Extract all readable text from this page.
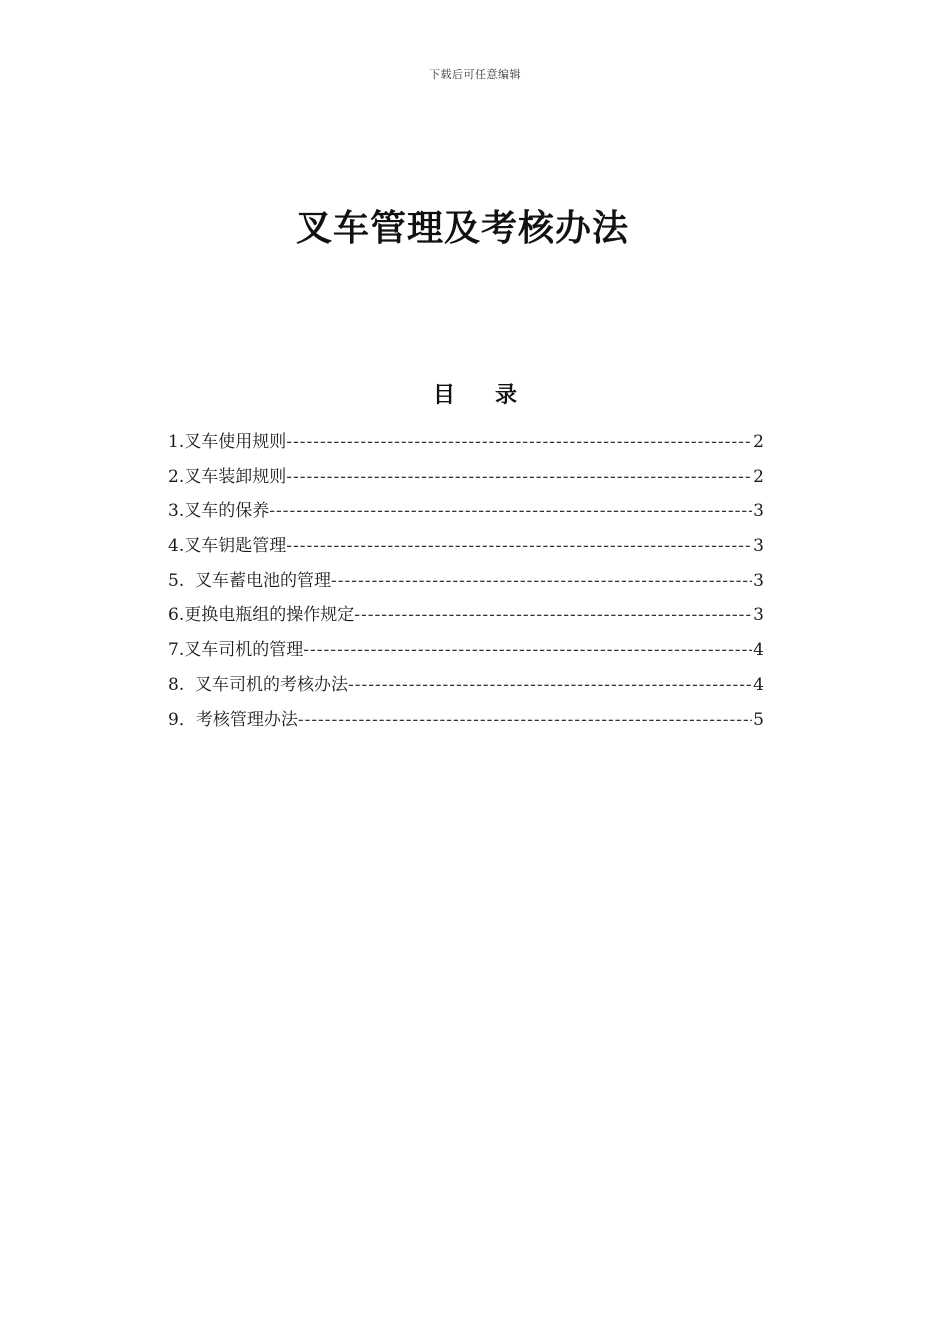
下载后可任意编辑
叉车管理及考核办法
目 录
1.叉车使用规则 -----	2
2.叉车装卸规则 -----	2
3.叉车的保养 -----	3
4.叉车钥匙管理 -----	3
5.  叉车蓄电池的管理 -----	3
6.更换电瓶组的操作规定 -----	3
7.叉车司机的管理 -----	4
8.  叉车司机的考核办法 -----	4
9．考核管理办法 -----	5
